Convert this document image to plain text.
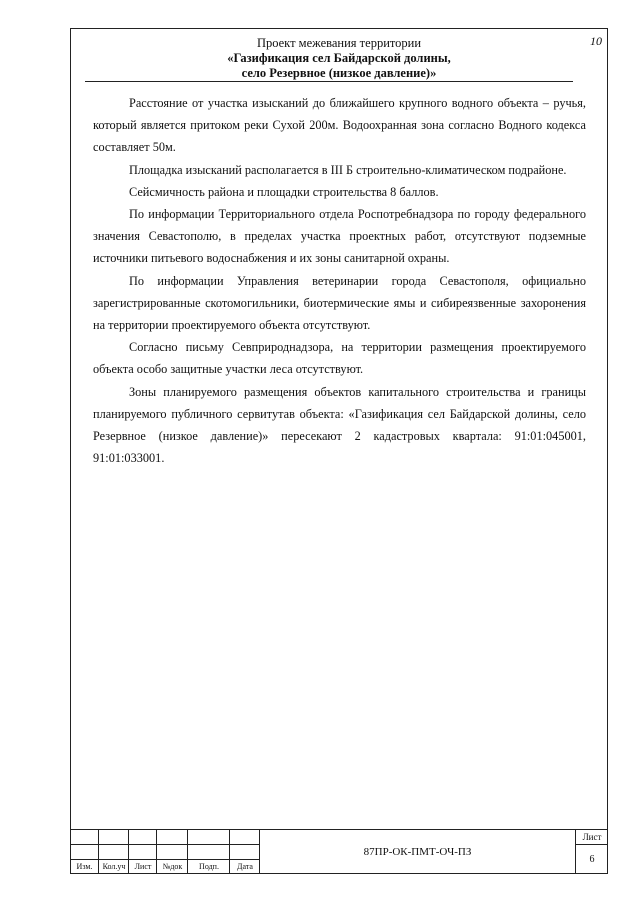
Проект межевания территории
«Газификация сел Байдарской долины,
село Резервное (низкое давление)»
10

Расстояние от участка изысканий до ближайшего крупного водного объекта – ручья, который является притоком реки Сухой 200м. Водоохранная зона согласно Водного кодекса составляет 50м.

Площадка изысканий располагается в III Б строительно-климатическом подрайоне.

Сейсмичность района и площадки строительства 8 баллов.

По информации Территориального отдела Роспотребнадзора по городу федерального значения Севастополю, в пределах участка проектных работ, отсутствуют подземные источники питьевого водоснабжения и их зоны санитарной охраны.

По информации Управления ветеринарии города Севастополя, официально зарегистрированные скотомогильники, биотермические ямы и сибиреязвенные захоронения на территории проектируемого объекта отсутствуют.

Согласно письму Севприроднадзора, на территории размещения проектируемого объекта особо защитные участки леса отсутствуют.

Зоны планируемого размещения объектов капитального строительства и границы планируемого публичного сервитутав объекта: «Газификация сел Байдарской долины, село Резервное (низкое давление)» пересекают 2 кадастровых квартала: 91:01:045001, 91:01:033001.

Изм.	Кол.уч	Лист	№док	Подп.	Дата
87ПР-ОК-ПМТ-ОЧ-ПЗ
Лист
6
